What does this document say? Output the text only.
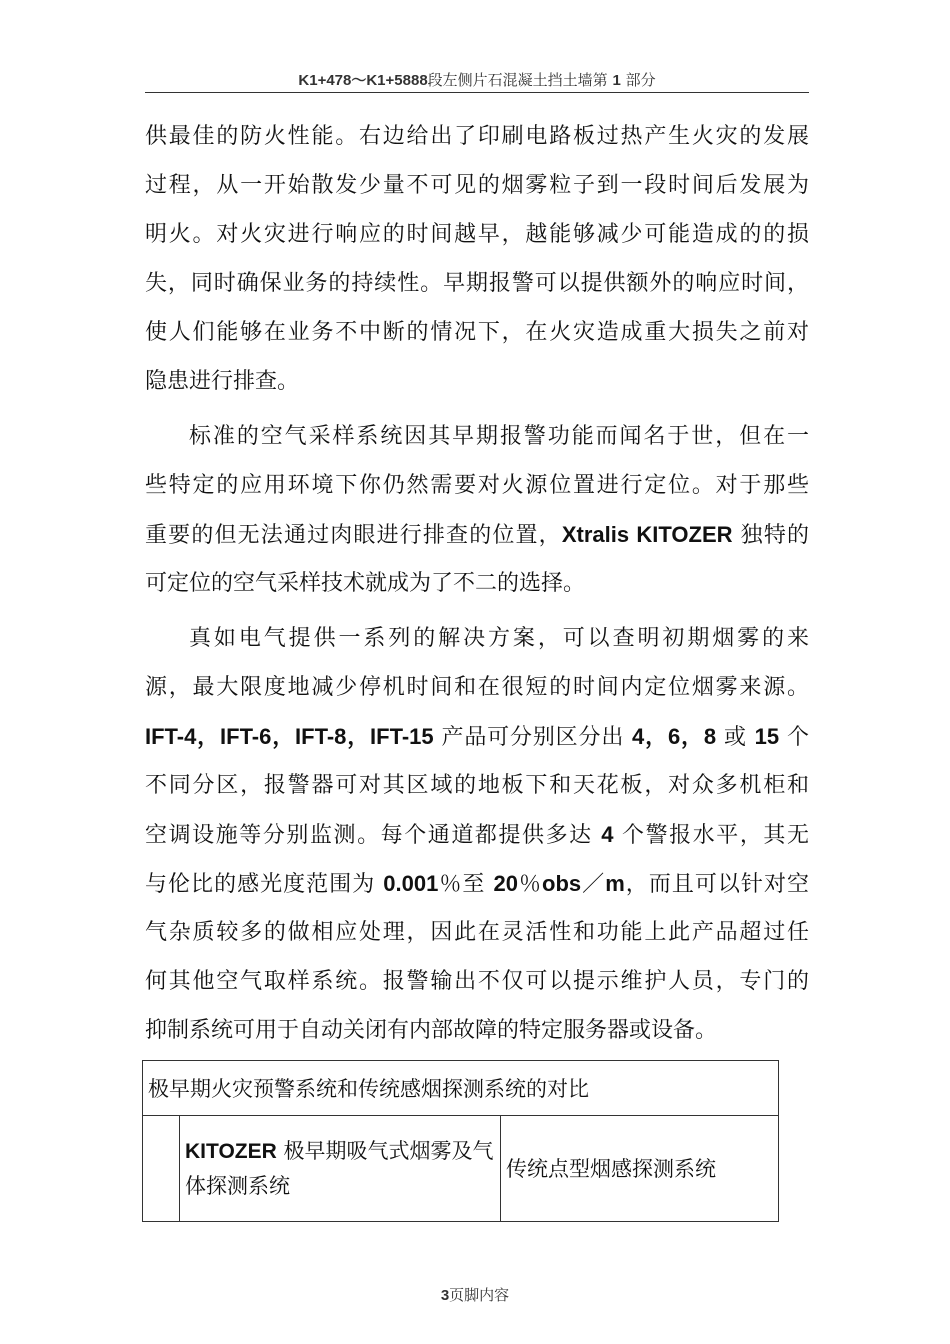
K1+478～K1+5888段左侧片石混凝土挡土墙第 1 部分
供最佳的防火性能。右边给出了印刷电路板过热产生火灾的发展
过程，从一开始散发少量不可见的烟雾粒子到一段时间后发展为
明火。对火灾进行响应的时间越早，越能够减少可能造成的的损
失，同时确保业务的持续性。早期报警可以提供额外的响应时间，
使人们能够在业务不中断的情况下，在火灾造成重大损失之前对
隐患进行排查。
标准的空气采样系统因其早期报警功能而闻名于世，但在一
些特定的应用环境下你仍然需要对火源位置进行定位。对于那些
重要的但无法通过肉眼进行排查的位置，Xtralis KITOZER 独特的
可定位的空气采样技术就成为了不二的选择。
真如电气提供一系列的解决方案，可以查明初期烟雾的来
源，最大限度地减少停机时间和在很短的时间内定位烟雾来源。
IFT-4，IFT-6，IFT-8，IFT-15 产品可分别区分出 4，6，8 或 15 个
不同分区，报警器可对其区域的地板下和天花板，对众多机柜和
空调设施等分别监测。每个通道都提供多达 4 个警报水平，其无
与伦比的感光度范围为 0.001％至 20％obs／m，而且可以针对空
气杂质较多的做相应处理，因此在灵活性和功能上此产品超过任
何其他空气取样系统。报警输出不仅可以提示维护人员，专门的
抑制系统可用于自动关闭有内部故障的特定服务器或设备。
极早期火灾预警系统和传统感烟探测系统的对比
	KITOZER 极早期吸气式烟雾及气体探测系统	传统点型烟感探测系统
3页脚内容
